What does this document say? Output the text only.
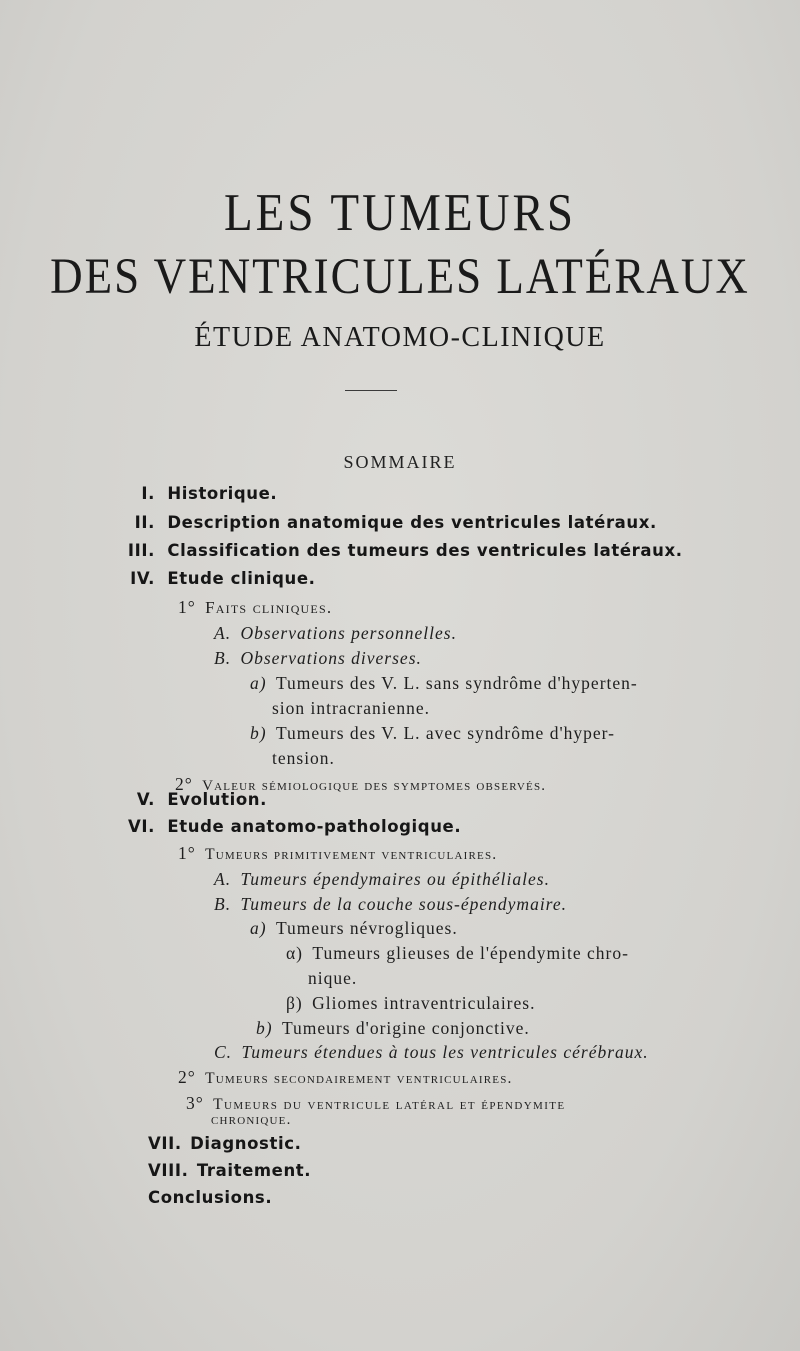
LES TUMEURS
DES VENTRICULES LATÉRAUX
ÉTUDE ANATOMO-CLINIQUE
SOMMAIRE
I. Historique.
II. Description anatomique des ventricules latéraux.
III. Classification des tumeurs des ventricules latéraux.
IV. Etude clinique.
1° Faits cliniques.
A. Observations personnelles.
B. Observations diverses.
a) Tumeurs des V. L. sans syndrôme d'hyperten-
sion intracranienne.
b) Tumeurs des V. L. avec syndrôme d'hyper-
tension.
2° Valeur sémiologique des symptomes observés.
V. Evolution.
VI. Etude anatomo-pathologique.
1° Tumeurs primitivement ventriculaires.
A. Tumeurs épendymaires ou épithéliales.
B. Tumeurs de la couche sous-épendymaire.
a) Tumeurs névrogliques.
α) Tumeurs glieuses de l'épendymite chro-
nique.
β) Gliomes intraventriculaires.
b) Tumeurs d'origine conjonctive.
C. Tumeurs étendues à tous les ventricules cérébraux.
2° Tumeurs secondairement ventriculaires.
3° Tumeurs du ventricule latéral et épendymite
chronique.
VII. Diagnostic.
VIII. Traitement.
Conclusions.
